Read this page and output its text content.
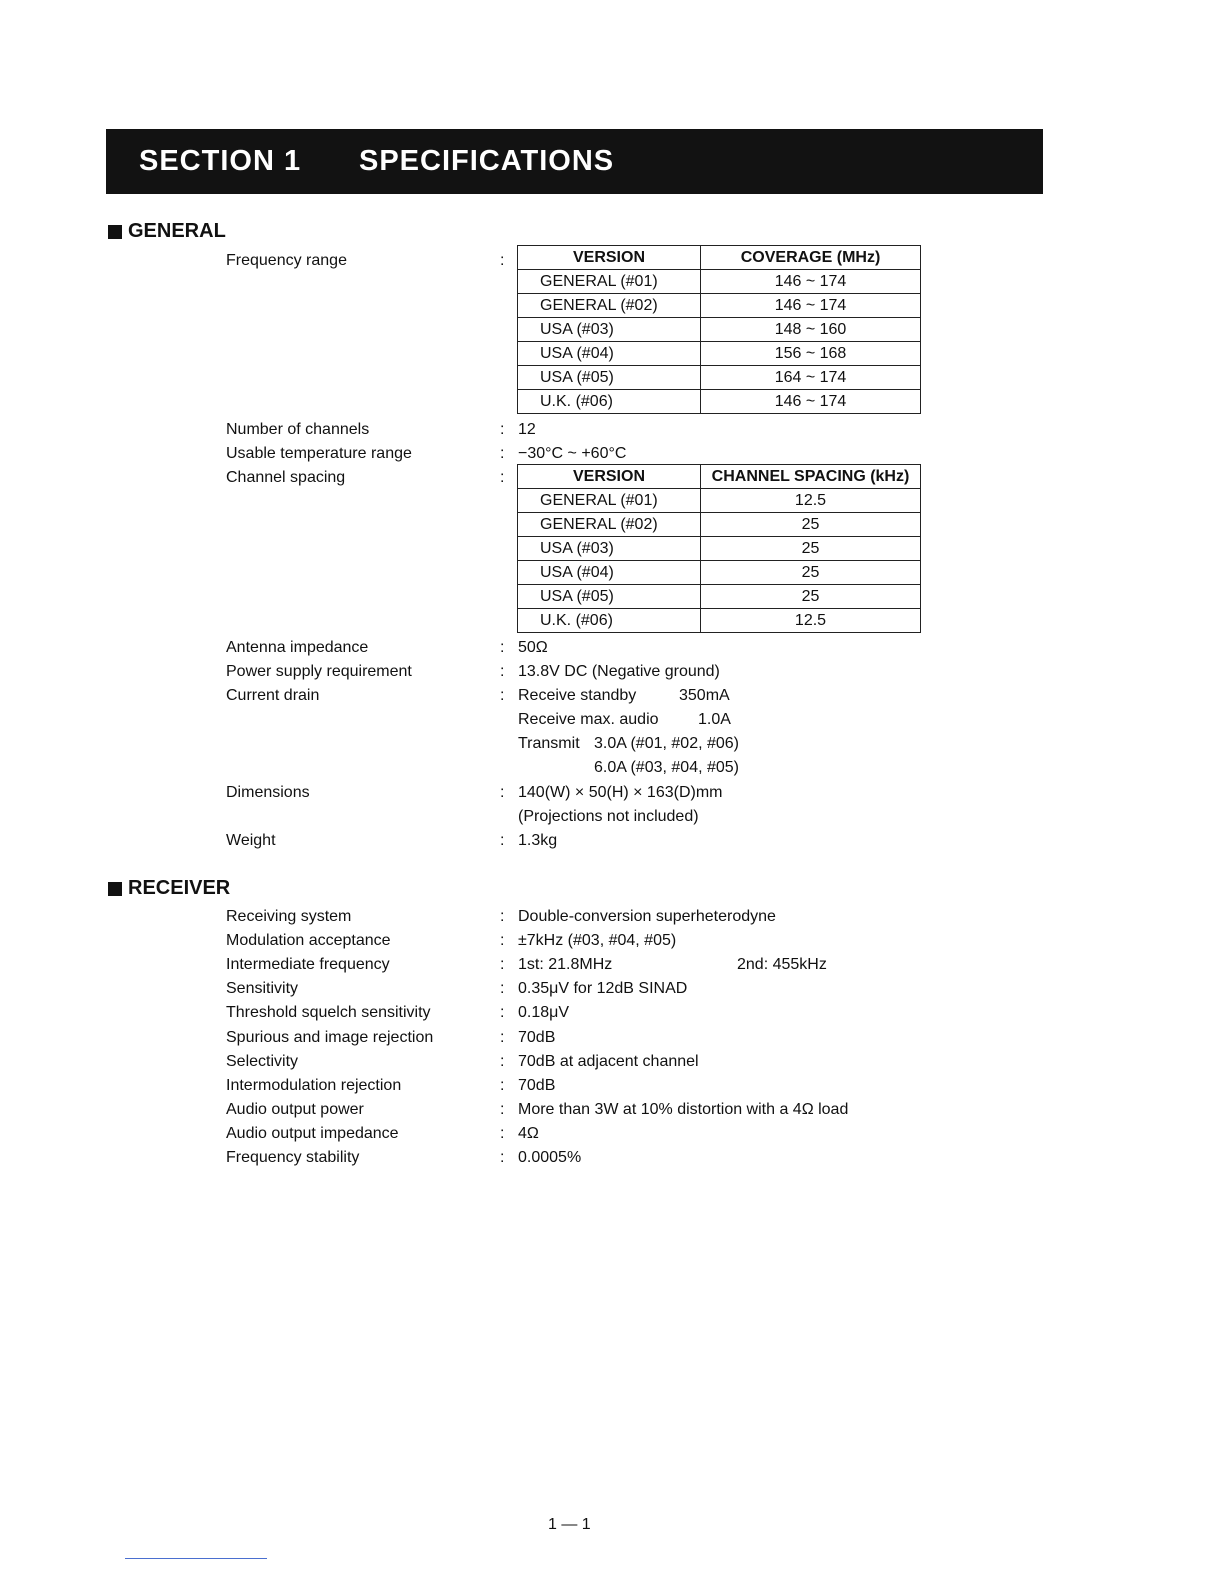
SECTION 1 SPECIFICATIONS
GENERAL
Frequency range	:	VERSION	COVERAGE (MHz)
GENERAL (#01)	146 ~ 174
GENERAL (#02)	146 ~ 174
USA (#03)	148 ~ 160
USA (#04)	156 ~ 168
USA (#05)	164 ~ 174
U.K. (#06)	146 ~ 174
Number of channels	: 12
Usable temperature range	: −30°C ~ +60°C
Channel spacing	:	VERSION	CHANNEL SPACING (kHz)
GENERAL (#01)	12.5
GENERAL (#02)	25
USA (#03)	25
USA (#04)	25
USA (#05)	25
U.K. (#06)	12.5
Antenna impedance	: 50Ω
Power supply requirement	: 13.8V DC (Negative ground)
Current drain	: Receive standby	350mA
Receive max. audio 1.0A
Transmit 3.0A (#01, #02, #06)
6.0A (#03, #04, #05)
Dimensions	: 140(W) × 50(H) × 163(D)mm
(Projections not included)
Weight	: 1.3kg
RECEIVER
Receiving system	: Double-conversion superheterodyne
Modulation acceptance	: ±7kHz (#03, #04, #05)
Intermediate frequency	: 1st: 21.8MHz	2nd: 455kHz
Sensitivity	: 0.35μV for 12dB SINAD
Threshold squelch sensitivity	: 0.18μV
Spurious and image rejection	: 70dB
Selectivity	: 70dB at adjacent channel
Intermodulation rejection	: 70dB
Audio output power	: More than 3W at 10% distortion with a 4Ω load
Audio output impedance	: 4Ω
Frequency stability	: 0.0005%
1 — 1
